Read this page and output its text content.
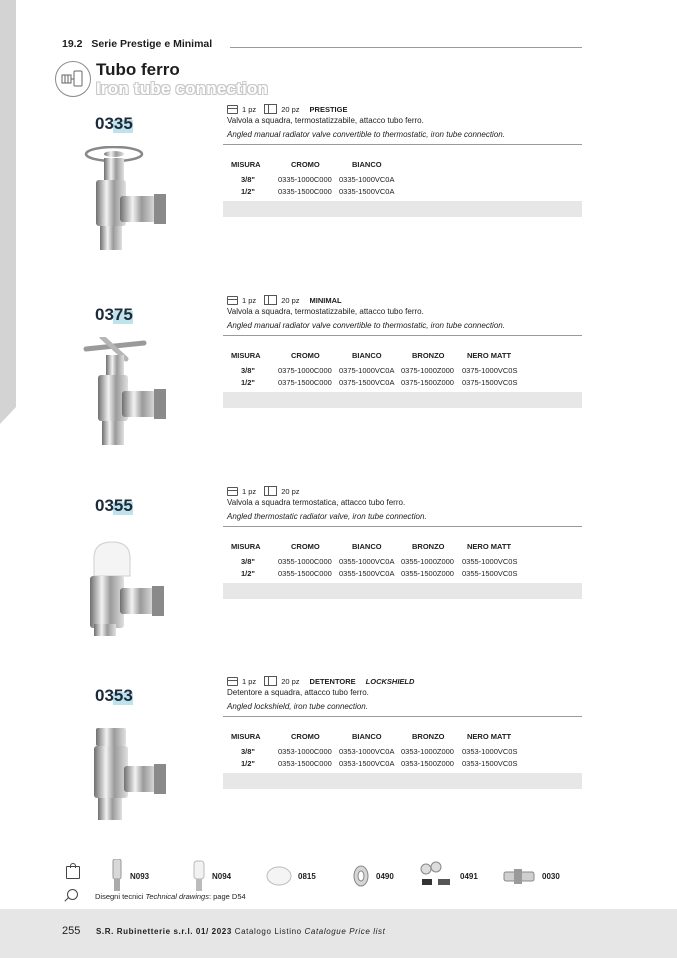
19.2 Serie Prestige e Minimal
Tubo ferro
Iron tube connection
0335
1 pz	20 pz PRESTIGE
Valvola a squadra, termostatizzabile, attacco tubo ferro.
Angled manual radiator valve convertible to thermostatic, iron tube connection.
MISURA	CROMO	BIANCO
3/8"	0335-1000C000 0335-1000VC0A
1/2"	0335-1500C000 0335-1500VC0A
0375
1 pz	20 pz MINIMAL
Valvola a squadra, termostatizzabile, attacco tubo ferro.
Angled manual radiator valve convertible to thermostatic, iron tube connection.
MISURA	CROMO	BIANCO	BRONZO	NERO MATT
3/8"	0375-1000C000 0375-1000VC0A 0375-1000Z000 0375-1000VC0S
1/2"	0375-1500C000 0375-1500VC0A 0375-1500Z000 0375-1500VC0S
0355
1 pz	20 pz
Valvola a squadra termostatica, attacco tubo ferro.
Angled thermostatic radiator valve, iron tube connection.
MISURA	CROMO	BIANCO	BRONZO	NERO MATT
3/8"	0355-1000C000 0355-1000VC0A 0355-1000Z000 0355-1000VC0S
1/2"	0355-1500C000 0355-1500VC0A 0355-1500Z000 0355-1500VC0S
0353
1 pz	20 pz DETENTORE LOCKSHIELD
Detentore a squadra, attacco tubo ferro.
Angled lockshield, iron tube connection.
MISURA	CROMO	BIANCO	BRONZO	NERO MATT
3/8"	0353-1000C000 0353-1000VC0A 0353-1000Z000 0353-1000VC0S
1/2"	0353-1500C000 0353-1500VC0A 0353-1500Z000 0353-1500VC0S
N093	N094	0815	0490	0491	0030
Disegni tecnici Technical drawings: page D54
255 S.R. Rubinetterie s.r.l. 01/ 2023 Catalogo Listino Catalogue Price list
